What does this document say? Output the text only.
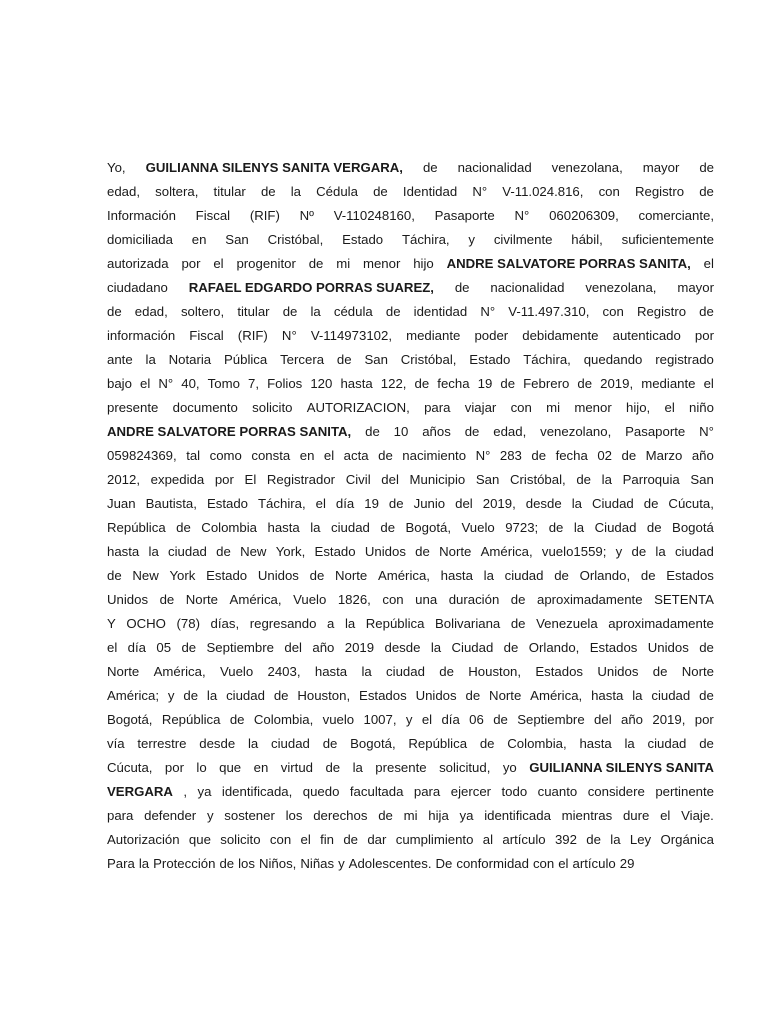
Yo, GUILIANNA SILENYS SANITA VERGARA, de nacionalidad venezolana, mayor de
edad, soltera, titular de la Cédula de Identidad N° V-11.024.816, con Registro de
Información Fiscal (RIF) Nº V-110248160, Pasaporte N° 060206309, comerciante,
domiciliada en San Cristóbal, Estado Táchira, y civilmente hábil, suficientemente
autorizada por el progenitor de mi menor hijo ANDRE SALVATORE PORRAS SANITA, el
ciudadano RAFAEL EDGARDO PORRAS SUAREZ, de nacionalidad venezolana, mayor
de edad, soltero, titular de la cédula de identidad N° V-11.497.310, con Registro de
información Fiscal (RIF) N° V-114973102, mediante poder debidamente autenticado por
ante la Notaria Pública Tercera de San Cristóbal, Estado Táchira, quedando registrado
bajo el N° 40, Tomo 7, Folios 120 hasta 122, de fecha 19 de Febrero de 2019, mediante el
presente documento solicito AUTORIZACION, para viajar con mi menor hijo, el niño
ANDRE SALVATORE PORRAS SANITA, de 10 años de edad, venezolano, Pasaporte N°
059824369, tal como consta en el acta de nacimiento N° 283 de fecha 02 de Marzo año
2012, expedida por El Registrador Civil del Municipio San Cristóbal, de la Parroquia San
Juan Bautista, Estado Táchira, el día 19 de Junio del 2019, desde la Ciudad de Cúcuta,
República de Colombia hasta la ciudad de Bogotá, Vuelo 9723; de la Ciudad de Bogotá
hasta la ciudad de New York, Estado Unidos de Norte América, vuelo1559; y de la ciudad
de New York Estado Unidos de Norte América, hasta la ciudad de Orlando, de Estados
Unidos de Norte América, Vuelo 1826, con una duración de aproximadamente SETENTA
Y OCHO (78) días, regresando a la República Bolivariana de Venezuela aproximadamente
el día 05 de Septiembre del año 2019 desde la Ciudad de Orlando, Estados Unidos de
Norte América, Vuelo 2403, hasta la ciudad de Houston, Estados Unidos de Norte
América; y de la ciudad de Houston, Estados Unidos de Norte América, hasta la ciudad de
Bogotá, República de Colombia, vuelo 1007, y el día 06 de Septiembre del año 2019, por
vía terrestre desde la ciudad de Bogotá, República de Colombia, hasta la ciudad de
Cúcuta, por lo que en virtud de la presente solicitud, yo GUILIANNA SILENYS SANITA
VERGARA , ya identificada, quedo facultada para ejercer todo cuanto considere pertinente
para defender y sostener los derechos de mi hija ya identificada mientras dure el Viaje.
Autorización que solicito con el fin de dar cumplimiento al artículo 392 de la Ley Orgánica
Para la Protección de los Niños, Niñas y Adolescentes. De conformidad con el artículo 29
